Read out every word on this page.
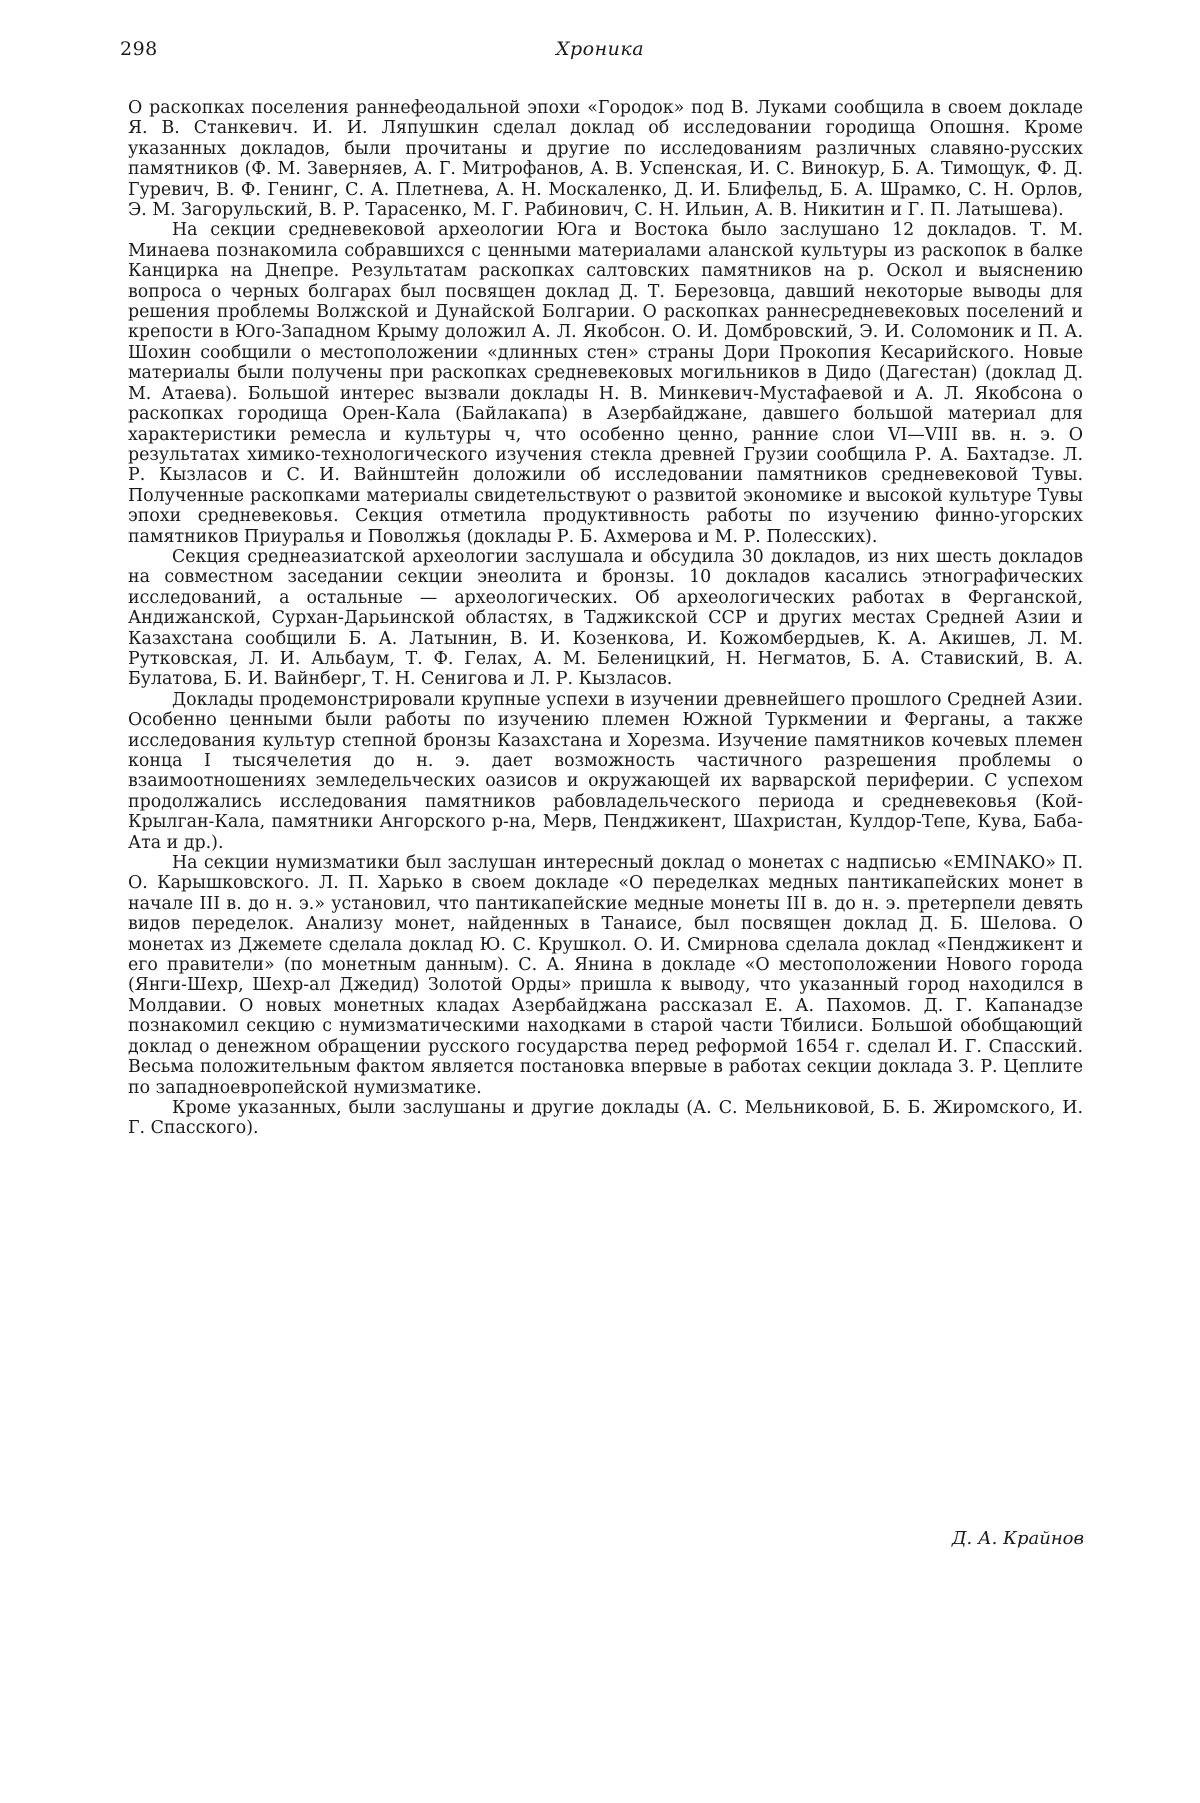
298	Хроника

О раскопках поселения раннефеодальной эпохи «Городок» под В. Луками сообщила в своем докладе Я. В. Станкевич. И. И. Ляпушкин сделал доклад об исследовании городища Опошня. Кроме указанных докладов, были прочитаны и другие по исследованиям различных славяно-русских памятников (Ф. М. Заверняев, А. Г. Митрофанов, А. В. Успенская, И. С. Винокур, Б. А. Тимощук, Ф. Д. Гуревич, В. Ф. Генинг, С. А. Плетнева, А. Н. Москаленко, Д. И. Блифельд, Б. А. Шрамко, С. Н. Орлов, Э. М. Загорульский, В. Р. Тарасенко, М. Г. Рабинович, С. Н. Ильин, А. В. Никитин и Г. П. Латышева).

На секции средневековой археологии Юга и Востока было заслушано 12 докладов. Т. М. Минаева познакомила собравшихся с ценными материалами аланской культуры из раскопок в балке Канцирка на Днепре. Результатам раскопках салтовских памятников на р. Оскол и выяснению вопроса о черных болгарах был посвящен доклад Д. Т. Березовца, давший некоторые выводы для решения проблемы Волжской и Дунайской Болгарии. О раскопках раннесредневековых поселений и крепости в Юго-Западном Крыму доложил А. Л. Якобсон. О. И. Домбровский, Э. И. Соломоник и П. А. Шохин сообщили о местоположении «длинных стен» страны Дори Прокопия Кесарийского. Новые материалы были получены при раскопках средневековых могильников в Дидо (Дагестан) (доклад Д. М. Атаева). Большой интерес вызвали доклады Н. В. Минкевич-Мустафаевой и А. Л. Якобсона о раскопках городища Орен-Кала (Байлакапа) в Азербайджане, давшего большой материал для характеристики ремесла и культуры ч, что особенно ценно, ранние слои VI—VIII вв. н. э. О результатах химико-технологического изучения стекла древней Грузии сообщила Р. А. Бахтадзе. Л. Р. Кызласов и С. И. Вайнштейн доложили об исследовании памятников средневековой Тувы. Полученные раскопками материалы свидетельствуют о развитой экономике и высокой культуре Тувы эпохи средневековья. Секция отметила продуктивность работы по изучению финно-угорских памятников Приуралья и Поволжья (доклады Р. Б. Ахмерова и М. Р. Полесских).

Секция среднеазиатской археологии заслушала и обсудила 30 докладов, из них шесть докладов на совместном заседании секции энеолита и бронзы. 10 докладов касались этнографических исследований, а остальные — археологических. Об археологических работах в Ферганской, Андижанской, Сурхан-Дарьинской областях, в Таджикской ССР и других местах Средней Азии и Казахстана сообщили Б. А. Латынин, В. И. Козенкова, И. Кожомбердыев, К. А. Акишев, Л. М. Рутковская, Л. И. Альбаум, Т. Ф. Гелах, А. М. Беленицкий, Н. Негматов, Б. А. Ставиский, В. А. Булатова, Б. И. Вайнберг, Т. Н. Сенигова и Л. Р. Кызласов.

Доклады продемонстрировали крупные успехи в изучении древнейшего прошлого Средней Азии. Особенно ценными были работы по изучению племен Южной Туркмении и Ферганы, а также исследования культур степной бронзы Казахстана и Хорезма. Изучение памятников кочевых племен конца I тысячелетия до н. э. дает возможность частичного разрешения проблемы о взаимоотношениях земледельческих оазисов и окружающей их варварской периферии. С успехом продолжались исследования памятников рабовладельческого периода и средневековья (Кой-Крылган-Кала, памятники Ангорского р-на, Мерв, Пенджикент, Шахристан, Кулдор-Тепе, Кува, Баба-Ата и др.).

На секции нумизматики был заслушан интересный доклад о монетах с надписью «EMINAKO» П. О. Карышковского. Л. П. Харько в своем докладе «О переделках медных пантикапейских монет в начале III в. до н. э.» установил, что пантикапейские медные монеты III в. до н. э. претерпели девять видов переделок. Анализу монет, найденных в Танаисе, был посвящен доклад Д. Б. Шелова. О монетах из Джемете сделала доклад Ю. С. Крушкол. О. И. Смирнова сделала доклад «Пенджикент и его правители» (по монетным данным). С. А. Янина в докладе «О местоположении Нового города (Янги-Шехр, Шехр-ал Джедид) Золотой Орды» пришла к выводу, что указанный город находился в Молдавии. О новых монетных кладах Азербайджана рассказал Е. А. Пахомов. Д. Г. Капанадзе познакомил секцию с нумизматическими находками в старой части Тбилиси. Большой обобщающий доклад о денежном обращении русского государства перед реформой 1654 г. сделал И. Г. Спасский. Весьма положительным фактом является постановка впервые в работах секции доклада З. Р. Цеплите по западноевропейской нумизматике.

Кроме указанных, были заслушаны и другие доклады (А. С. Мельниковой, Б. Б. Жиромского, И. Г. Спасского).

Д. А. Крайнов
